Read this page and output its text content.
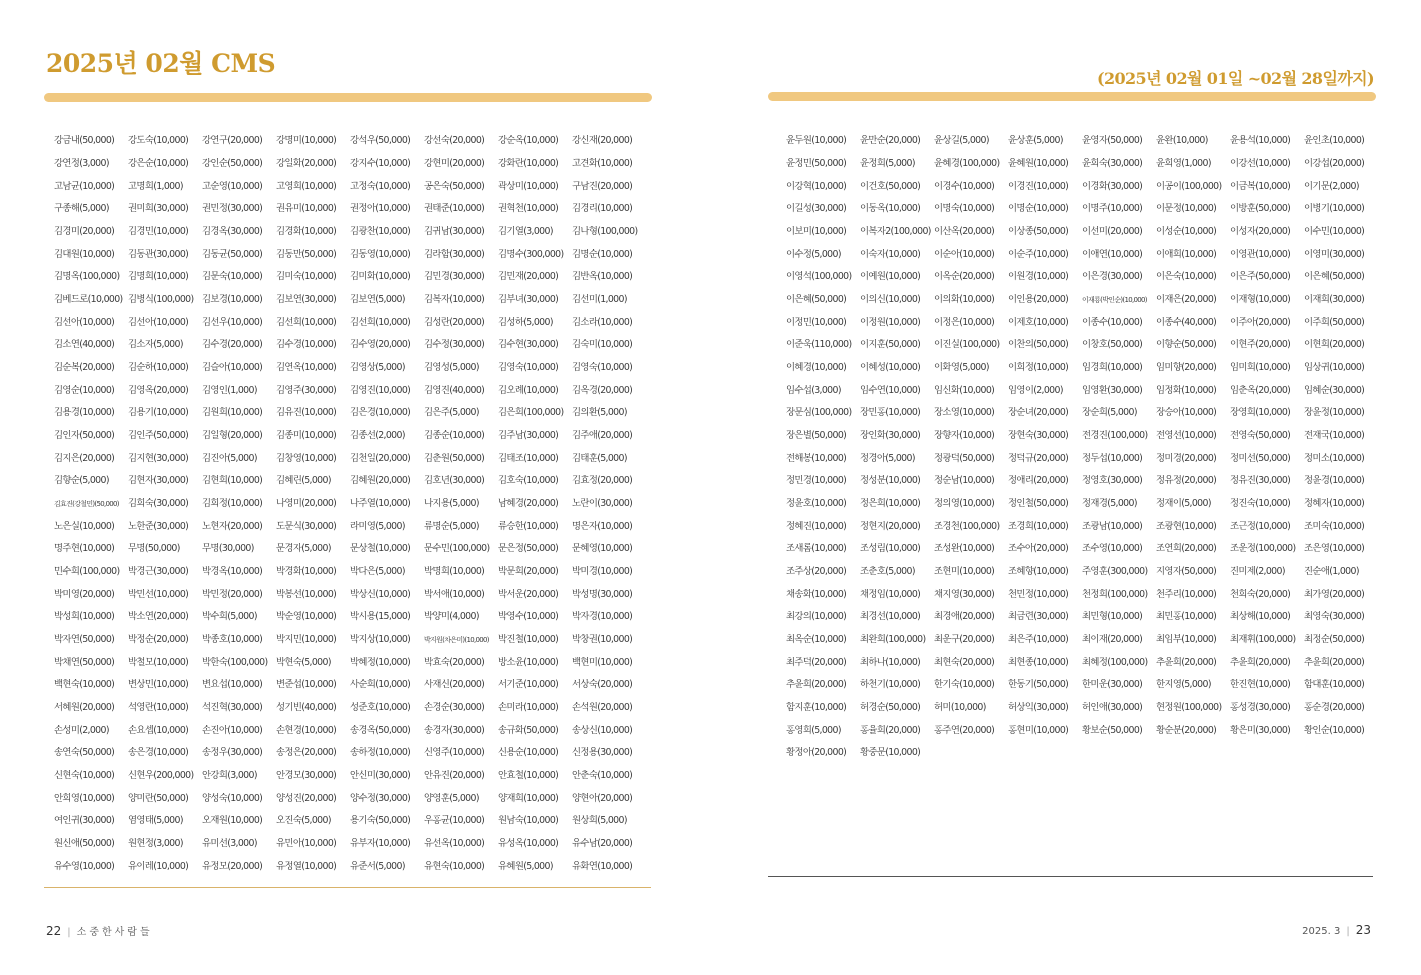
2025년 02월 CMS
(2025년 02월 01일 ~02월 28일까지)
강금내(50,000)	강도숙(10,000)	강연구(20,000)	강명미(10,000)	강석우(50,000)	강선숙(20,000)	강순옥(10,000)	강신재(20,000)
강연정(3,000)	강은순(10,000)	강인순(50,000)	강일화(20,000)	강지수(10,000)	강현미(20,000)	강화란(10,000)	고견화(10,000)
고남균(10,000)	고명희(1,000)	고순영(10,000)	고영희(10,000)	고정숙(10,000)	공은숙(50,000)	곽상미(10,000)	구남진(20,000)
구종해(5,000)	권미희(30,000)	권민정(30,000)	권유미(10,000)	권정아(10,000)	권태준(10,000)	권혁천(10,000)	김경리(10,000)
김경미(20,000)	김경민(10,000)	김경옥(30,000)	김경화(10,000)	김광찬(10,000)	김귀남(30,000)	김기열(3,000)	김나형(100,000)
김대원(10,000)	김동관(30,000)	김동균(50,000)	김동만(50,000)	김동영(10,000)	김라함(30,000)	김명수(300,000) 김명순(10,000)
김명옥(100,000) 김명희(10,000)	김문숙(10,000)	김미숙(10,000)	김미화(10,000)	김민경(30,000)	김민재(20,000)	김반옥(10,000)
김베드로(10,000) 김병식(100,000) 김보경(10,000)	김보연(30,000)	김보연(5,000)	김복자(10,000)	김부녀(30,000)	김선미(1,000)
김선아(10,000)	김선아(10,000)	김선우(10,000)	김선희(10,000)	김선희(10,000)	김성란(20,000)	김성하(5,000)	김소라(10,000)
김소연(40,000)	김소자(5,000)	김수경(20,000)	김수경(10,000)	김수영(20,000)	김수정(30,000)	김수현(30,000)	김숙미(10,000)
김순복(20,000)	김순하(10,000)	김슬아(10,000)	김연옥(10,000)	김영상(5,000)	김영성(5,000)	김영숙(10,000)	김영숙(10,000)
김영순(10,000)	김영옥(20,000)	김영인(1,000)	김영주(30,000)	김영진(10,000)	김영진(40,000)	김오례(10,000)	김옥경(20,000)
김용경(10,000)	김용기(10,000)	김원희(10,000)	김유진(10,000)	김은경(10,000)	김은주(5,000)	김은희(100,000) 김의환(5,000)
김인자(50,000)	김인주(50,000)	김일형(20,000)	김종미(10,000)	김종선(2,000)	김종순(10,000)	김주남(30,000)	김주애(20,000)
김지은(20,000)	김지현(30,000)	김진아(5,000)	김창영(10,000)	김천일(20,000)	김춘원(50,000)	김태조(10,000)	김태훈(5,000)
김향순(5,000)	김현자(30,000)	김현희(10,000)	김혜린(5,000)	김혜원(20,000)	김호년(30,000)	김호숙(10,000)	김효정(20,000)
김효진(강철민)(50,000) 김희숙(30,000)	김희정(10,000)	나영미(20,000)	나주열(10,000)	나지용(5,000)	남혜경(20,000)	노란이(30,000)
노은실(10,000)	노한준(30,000)	노현자(20,000)	도문식(30,000)	라미영(5,000)	류명순(5,000)	류승한(10,000)	명은자(10,000)
명주현(10,000)	무명(50,000)	무명(30,000)	문경자(5,000)	문상철(10,000)	문수민(100,000) 문은정(50,000)	문혜영(10,000)
민수희(100,000) 박경근(30,000)	박경옥(10,000)	박경화(10,000)	박다은(5,000)	박명희(10,000)	박문희(20,000)	박미경(10,000)
박미영(20,000)	박민선(10,000)	박민정(20,000)	박봉선(10,000)	박상신(10,000)	박서애(10,000)	박서운(20,000)	박성명(30,000)
박성희(10,000)	박소연(20,000)	박수희(5,000)	박순영(10,000)	박시용(15,000)	박양미(4,000)	박영수(10,000)	박자경(10,000)
박자연(50,000)	박정순(20,000)	박종호(10,000)	박지민(10,000)	박지상(10,000)	박지원(차은미)(10,000) 박진철(10,000)	박창권(10,000)
박채연(50,000)	박철모(10,000)	박한숙(100,000) 박현숙(5,000)	박혜정(10,000)	박효숙(20,000)	방소윤(10,000)	백현미(10,000)
백현숙(10,000)	변상민(10,000)	변요섭(10,000)	변준섭(10,000)	사순희(10,000)	사재신(20,000)	서기준(10,000)	서상숙(20,000)
서혜원(20,000)	석영란(10,000)	석진혁(30,000)	성기빈(40,000)	성준호(10,000)	손경순(30,000)	손미라(10,000)	손석원(20,000)
손성미(2,000)	손요셉(10,000)	손진아(10,000)	손현경(10,000)	송경옥(50,000)	송경자(30,000)	송규화(50,000)	송상신(10,000)
송연숙(50,000)	송은경(10,000)	송정우(30,000)	송정은(20,000)	송하정(10,000)	신영주(10,000)	신용순(10,000)	신정용(30,000)
신현숙(10,000)	신현우(200,000) 안강희(3,000)	안경모(30,000)	안신미(30,000)	안유진(20,000)	안효철(10,000)	안춘숙(10,000)
안희영(10,000)	양미란(50,000)	양성숙(10,000)	양성진(20,000)	양수정(30,000)	양영훈(5,000)	양재희(10,000)	양현아(20,000)
여인귀(30,000)	염영태(5,000)	오재원(10,000)	오진숙(5,000)	용기숙(50,000)	우홍균(10,000)	원남숙(10,000)	원상희(5,000)
원신애(50,000)	원현정(3,000)	유미선(3,000)	유민아(10,000)	유부자(10,000)	유선옥(10,000)	유성옥(10,000)	유수남(20,000)
유수영(10,000)	유이레(10,000)	유정모(20,000)	유정열(10,000)	유준서(5,000)	유현숙(10,000)	유혜원(5,000)	유화연(10,000)
윤두원(10,000)	윤만순(20,000)	윤상길(5,000)	윤상훈(5,000)	윤영자(50,000)	윤완(10,000)	윤용석(10,000)	윤인초(10,000)
윤정민(50,000)	윤정희(5,000)	윤혜경(100,000) 윤혜원(10,000)	윤희숙(30,000)	윤희영(1,000)	이강선(10,000)	이강섭(20,000)
이강혁(10,000)	이건호(50,000)	이경수(10,000)	이경진(10,000)	이경화(30,000)	이공이(100,000) 이금복(10,000)	이기문(2,000)
이길성(30,000)	이동옥(10,000)	이명숙(10,000)	이명순(10,000)	이명주(10,000)	이문정(10,000)	이방훈(50,000)	이병기(10,000)
이보미(10,000)	이복자2(100,000) 이산옥(20,000)	이상종(50,000)	이선미(20,000)	이성순(10,000)	이성자(20,000)	이수민(10,000)
이수정(5,000)	이숙자(10,000)	이순아(10,000)	이순주(10,000)	이애연(10,000)	이애희(10,000)	이영관(10,000)	이영미(30,000)
이영석(100,000) 이예원(10,000)	이옥순(20,000)	이원경(10,000)	이은경(30,000)	이은숙(10,000)	이은주(50,000)	이은혜(50,000)
이은혜(50,000)	이의신(10,000)	이의화(10,000)	이인용(20,000)	이재룡(박인순)(10,000) 이재은(20,000)	이재형(10,000)	이재희(30,000)
이정민(10,000)	이정원(10,000)	이정은(10,000)	이제호(10,000)	이종수(10,000)	이종수(40,000)	이주아(20,000)	이주희(50,000)
이준욱(110,000) 이지훈(50,000)	이진실(100,000) 이찬의(50,000)	이창호(50,000)	이향순(50,000)	이현주(20,000)	이현희(20,000)
이혜경(10,000)	이혜성(10,000)	이화영(5,000)	이희정(10,000)	임경희(10,000)	임미향(20,000)	임미희(10,000)	임상귀(10,000)
임수섭(3,000)	임수연(10,000)	임신화(10,000)	임영이(2,000)	임영환(30,000)	임정화(10,000)	임춘옥(20,000)	임혜순(30,000)
장문심(100,000) 장민홍(10,000)	장소영(10,000)	장순녀(20,000)	장순희(5,000)	장승아(10,000)	장영희(10,000)	장윤정(10,000)
장은별(50,000)	장인화(30,000)	장향자(10,000)	장현숙(30,000)	전경진(100,000) 전영선(10,000)	전영숙(50,000)	전재국(10,000)
전해봉(10,000)	정경아(5,000)	정광덕(50,000)	정덕규(20,000)	정두섭(10,000)	정미경(20,000)	정미선(50,000)	정미소(10,000)
정민경(10,000)	정성분(10,000)	정순남(10,000)	정애리(20,000)	정영호(30,000)	정유정(20,000)	정유진(30,000)	정윤경(10,000)
정윤호(10,000)	정은희(10,000)	정의영(10,000)	정인철(50,000)	정재경(5,000)	정재이(5,000)	정진숙(10,000)	정혜자(10,000)
정혜진(10,000)	정현지(20,000)	조경천(100,000) 조경희(10,000)	조광남(10,000)	조광현(10,000)	조근정(10,000)	조미숙(10,000)
조새롬(10,000)	조성림(10,000)	조성완(10,000)	조수아(20,000)	조수영(10,000)	조연희(20,000)	조운정(100,000) 조은영(10,000)
조주상(20,000)	조춘호(5,000)	조현미(10,000)	조혜향(10,000)	주영훈(300,000) 지영자(50,000)	진미제(2,000)	진순애(1,000)
채송화(10,000)	채정임(10,000)	채지영(30,000)	천민정(10,000)	천정희(100,000) 천주리(10,000)	천희숙(20,000)	최가영(20,000)
최강의(10,000)	최경선(10,000)	최경애(20,000)	최금련(30,000)	최민형(10,000)	최민홍(10,000)	최상해(10,000)	최영숙(30,000)
최옥순(10,000)	최완희(100,000) 최운구(20,000)	최은주(10,000)	최이재(20,000)	최임부(10,000)	최재휘(100,000) 최정순(50,000)
최주덕(20,000)	최하나(10,000)	최현숙(20,000)	최현종(10,000)	최혜정(100,000) 추윤희(20,000)	추윤희(20,000)	추윤희(20,000)
추윤희(20,000)	하천기(10,000)	한기숙(10,000)	한동기(50,000)	한미운(30,000)	한지영(5,000)	한진현(10,000)	함대훈(10,000)
함지훈(10,000)	허경순(50,000)	허미(10,000)	허상익(30,000)	허인애(30,000)	현정원(100,000) 홍성경(30,000)	홍순경(20,000)
홍영희(5,000)	홍율희(20,000)	홍주연(20,000)	홍현미(10,000)	황보순(50,000)	황순분(20,000)	황은미(30,000)	황인순(10,000)
황정아(20,000)	황중문(10,000)
22 | 소중한사람들	2025. 3 | 23
